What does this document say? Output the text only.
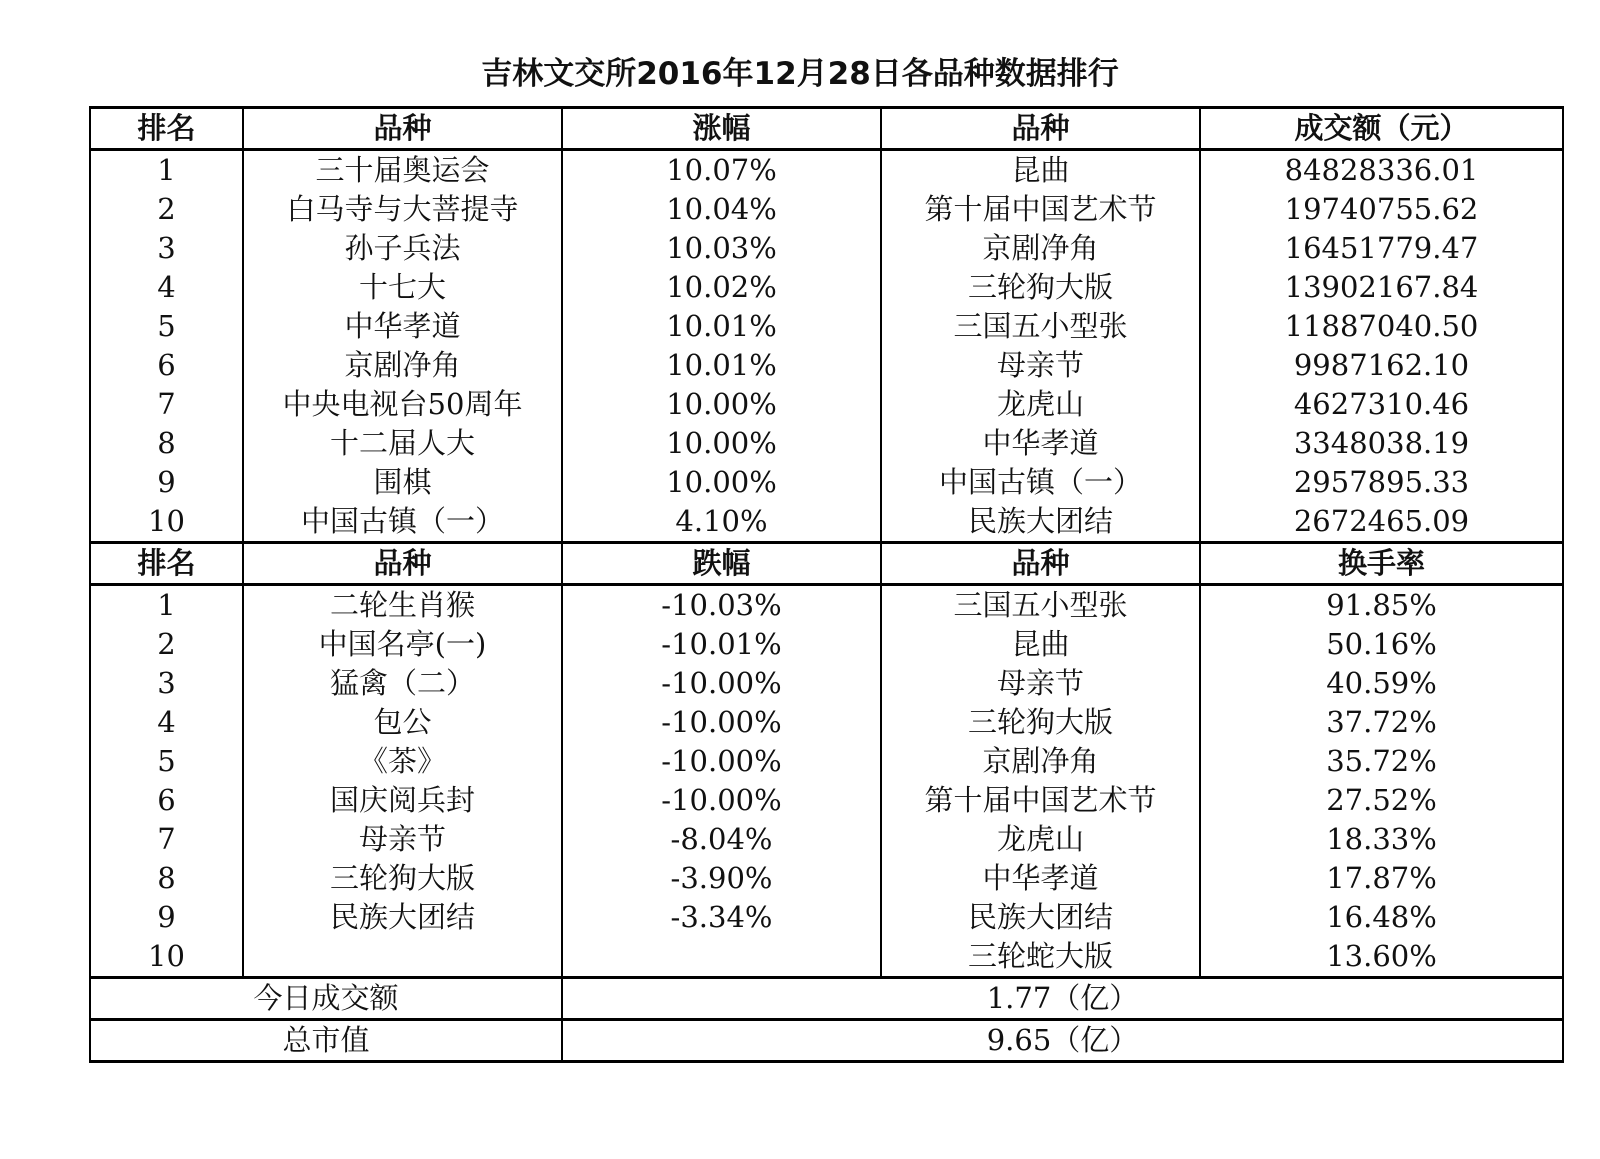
吉林文交所2016年12月28日各品种数据排行
排名	品种	涨幅	品种	成交额（元）
1	三十届奥运会	10.07%	昆曲	84828336.01
2	白马寺与大菩提寺	10.04%	第十届中国艺术节	19740755.62
3	孙子兵法	10.03%	京剧净角	16451779.47
4	十七大	10.02%	三轮狗大版	13902167.84
5	中华孝道	10.01%	三国五小型张	11887040.50
6	京剧净角	10.01%	母亲节	9987162.10
7	中央电视台50周年	10.00%	龙虎山	4627310.46
8	十二届人大	10.00%	中华孝道	3348038.19
9	围棋	10.00%	中国古镇（一）	2957895.33
10	中国古镇（一）	4.10%	民族大团结	2672465.09
排名	品种	跌幅	品种	换手率
1	二轮生肖猴	-10.03%	三国五小型张	91.85%
2	中国名亭(一)	-10.01%	昆曲	50.16%
3	猛禽（二）	-10.00%	母亲节	40.59%
4	包公	-10.00%	三轮狗大版	37.72%
5	《茶》	-10.00%	京剧净角	35.72%
6	国庆阅兵封	-10.00%	第十届中国艺术节	27.52%
7	母亲节	-8.04%	龙虎山	18.33%
8	三轮狗大版	-3.90%	中华孝道	17.87%
9	民族大团结	-3.34%	民族大团结	16.48%
10			三轮蛇大版	13.60%
今日成交额		1.77（亿）		
总市值		9.65（亿）		
